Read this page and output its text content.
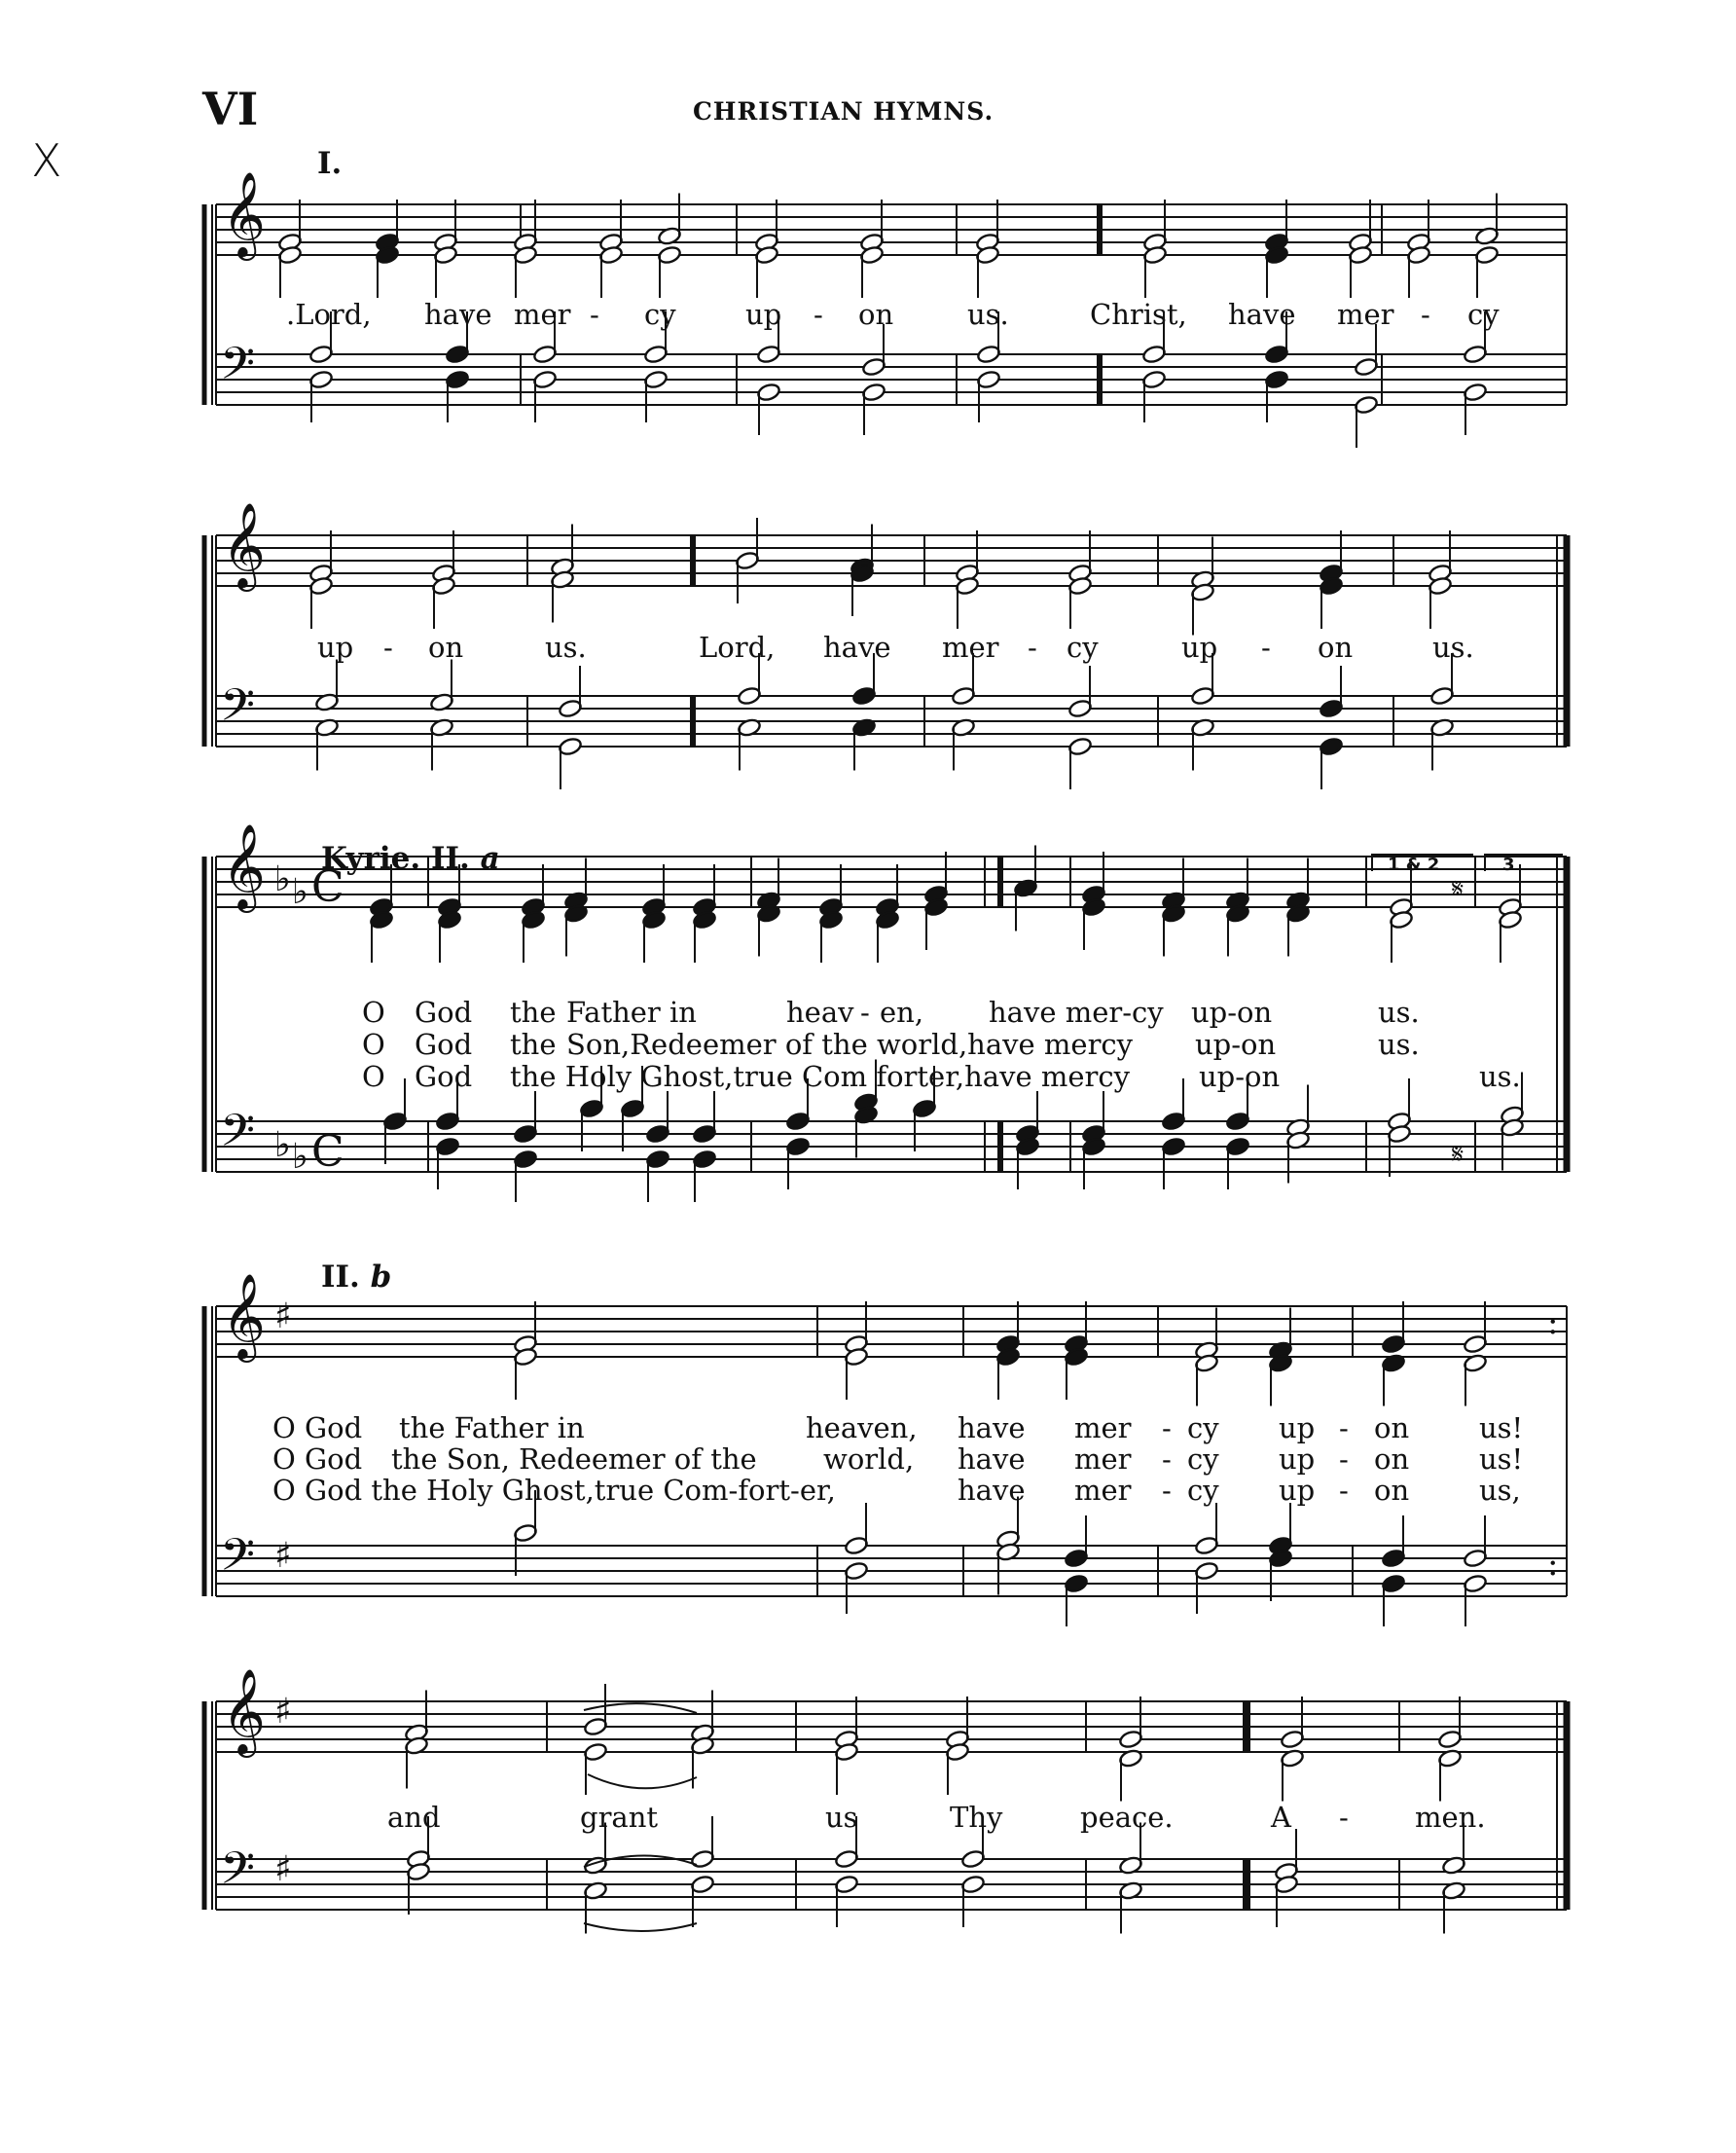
VI	CHRISTIAN HYMNS.
X
𝄞
𝄢
𝄞
𝄢
𝄞
𝄢
♭ ♭ C
♭ ♭ C
𝄋
𝄋
𝄞
𝄢
♯
♯
:
:
𝄞
𝄢
♯
♯
I.
.Lord, have mer - cy up - on	us.	Christ, have mer - cy
up - on	us.	Lord, have mer - cy	up - on	us.
Kyrie. II. a	1 & 2	3
O God the Father in	heav - en, have mer-cy up-on	us.
O God the Son,Redeemer of the world,have mercy up-on	us.
O God the Holy Ghost,true Com forter,have mercy up-on	us.
II. b
O God the Father in	heaven, have mer - cy up - on us!
O God the Son, Redeemer of the world, have mer - cy up - on us!
O God the Holy Ghost,true Com-fort-er,	have mer - cy up - on us,
and	grant	us	Thy	peace.	A - men.
